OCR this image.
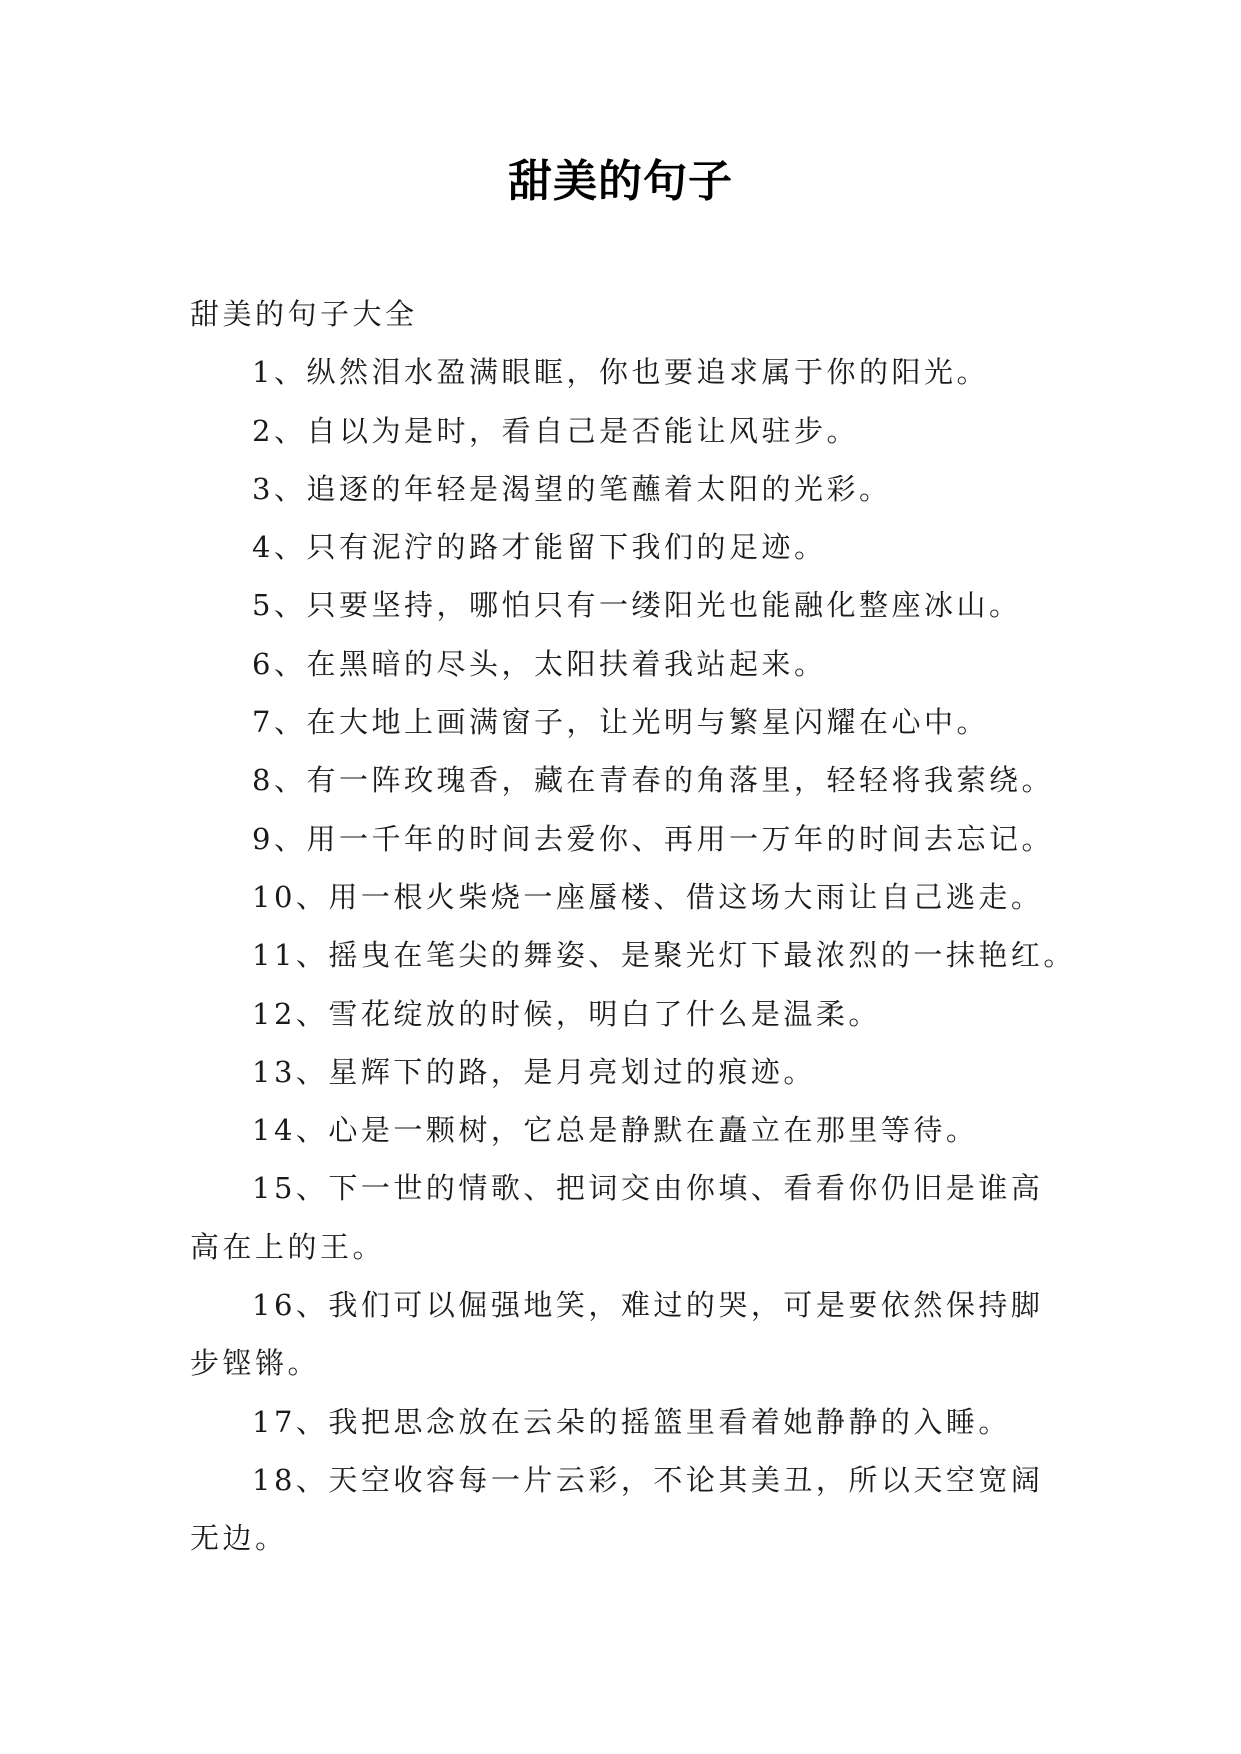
甜美的句子

甜美的句子大全

1、纵然泪水盈满眼眶，你也要追求属于你的阳光。

2、自以为是时，看自己是否能让风驻步。

3、追逐的年轻是渴望的笔蘸着太阳的光彩。

4、只有泥泞的路才能留下我们的足迹。

5、只要坚持，哪怕只有一缕阳光也能融化整座冰山。

6、在黑暗的尽头，太阳扶着我站起来。

7、在大地上画满窗子，让光明与繁星闪耀在心中。

8、有一阵玫瑰香，藏在青春的角落里，轻轻将我萦绕。

9、用一千年的时间去爱你、再用一万年的时间去忘记。

10、用一根火柴烧一座蜃楼、借这场大雨让自己逃走。

11、摇曳在笔尖的舞姿、是聚光灯下最浓烈的一抹艳红。

12、雪花绽放的时候，明白了什么是温柔。

13、星辉下的路，是月亮划过的痕迹。

14、心是一颗树，它总是静默在矗立在那里等待。

15、下一世的情歌、把词交由你填、看看你仍旧是谁高高在上的王。

16、我们可以倔强地笑，难过的哭，可是要依然保持脚步铿锵。

17、我把思念放在云朵的摇篮里看着她静静的入睡。

18、天空收容每一片云彩，不论其美丑，所以天空宽阔无边。
